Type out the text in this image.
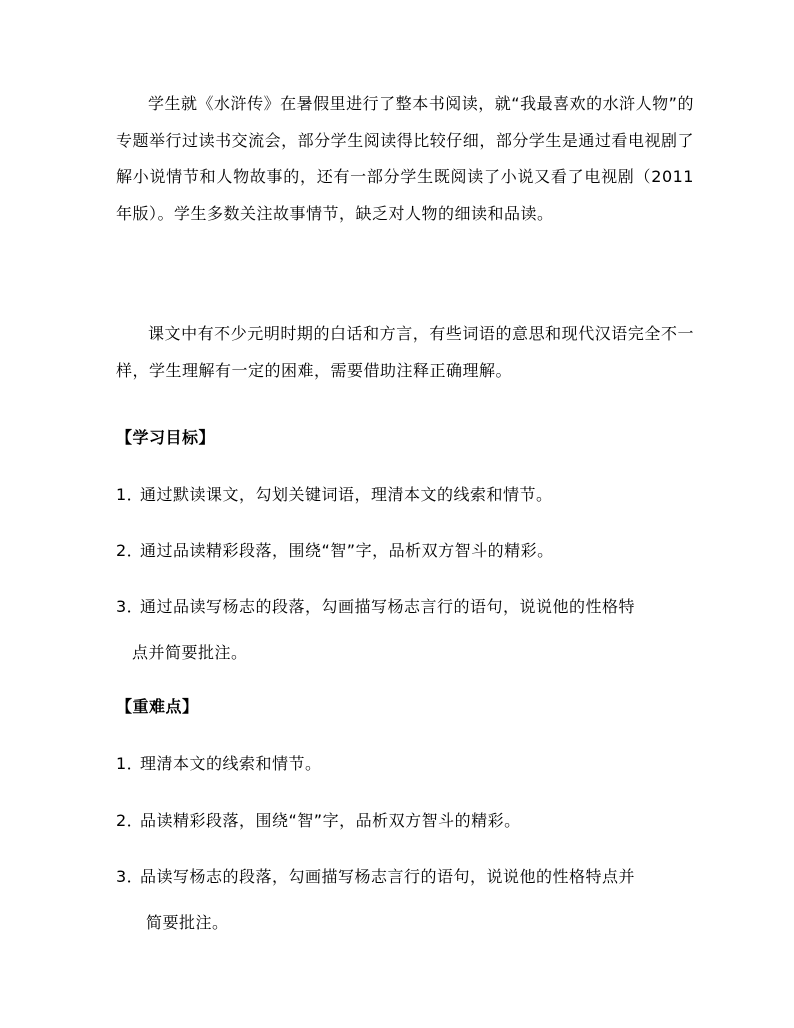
学生就《水浒传》在暑假里进行了整本书阅读，就“我最喜欢的水浒人物”的专题举行过读书交流会，部分学生阅读得比较仔细，部分学生是通过看电视剧了解小说情节和人物故事的，还有一部分学生既阅读了小说又看了电视剧（2011 年版）。学生多数关注故事情节，缺乏对人物的细读和品读。

课文中有不少元明时期的白话和方言，有些词语的意思和现代汉语完全不一样，学生理解有一定的困难，需要借助注释正确理解。

【学习目标】
1．通过默读课文，勾划关键词语，理清本文的线索和情节。
2．通过品读精彩段落，围绕“智”字，品析双方智斗的精彩。
3．通过品读写杨志的段落，勾画描写杨志言行的语句，说说他的性格特
点并简要批注。
【重难点】
1．理清本文的线索和情节。
2．品读精彩段落，围绕“智”字，品析双方智斗的精彩。
3．品读写杨志的段落，勾画描写杨志言行的语句，说说他的性格特点并
简要批注。
